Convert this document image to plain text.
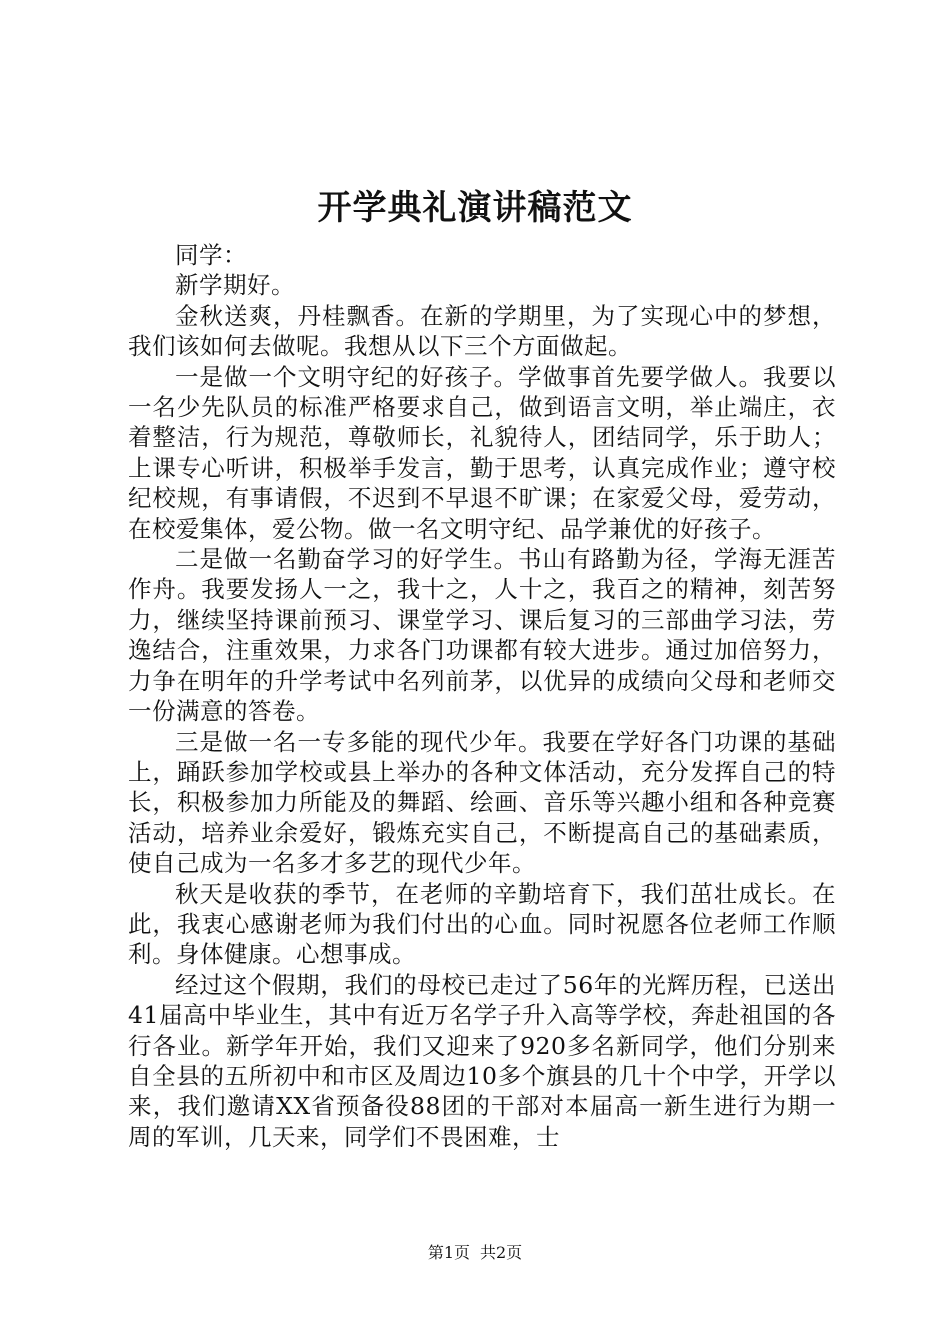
开学典礼演讲稿范文

同学：

新学期好。

金秋送爽，丹桂飘香。在新的学期里，为了实现心中的梦想，我们该如何去做呢。我想从以下三个方面做起。

一是做一个文明守纪的好孩子。学做事首先要学做人。我要以一名少先队员的标准严格要求自己，做到语言文明，举止端庄，衣着整洁，行为规范，尊敬师长，礼貌待人，团结同学，乐于助人；上课专心听讲，积极举手发言，勤于思考，认真完成作业；遵守校纪校规，有事请假，不迟到不早退不旷课；在家爱父母，爱劳动，在校爱集体，爱公物。做一名文明守纪、品学兼优的好孩子。

二是做一名勤奋学习的好学生。书山有路勤为径，学海无涯苦作舟。我要发扬人一之，我十之，人十之，我百之的精神，刻苦努力，继续坚持课前预习、课堂学习、课后复习的三部曲学习法，劳逸结合，注重效果，力求各门功课都有较大进步。通过加倍努力，力争在明年的升学考试中名列前茅，以优异的成绩向父母和老师交一份满意的答卷。

三是做一名一专多能的现代少年。我要在学好各门功课的基础上，踊跃参加学校或县上举办的各种文体活动，充分发挥自己的特长，积极参加力所能及的舞蹈、绘画、音乐等兴趣小组和各种竞赛活动，培养业余爱好，锻炼充实自己，不断提高自己的基础素质，使自己成为一名多才多艺的现代少年。

秋天是收获的季节，在老师的辛勤培育下，我们茁壮成长。在此，我衷心感谢老师为我们付出的心血。同时祝愿各位老师工作顺利。身体健康。心想事成。

经过这个假期，我们的母校已走过了56年的光辉历程，已送出41届高中毕业生，其中有近万名学子升入高等学校，奔赴祖国的各行各业。新学年开始，我们又迎来了920多名新同学，他们分别来自全县的五所初中和市区及周边10多个旗县的几十个中学，开学以来，我们邀请XX省预备役88团的干部对本届高一新生进行为期一周的军训，几天来，同学们不畏困难，士

第1页 共2页
